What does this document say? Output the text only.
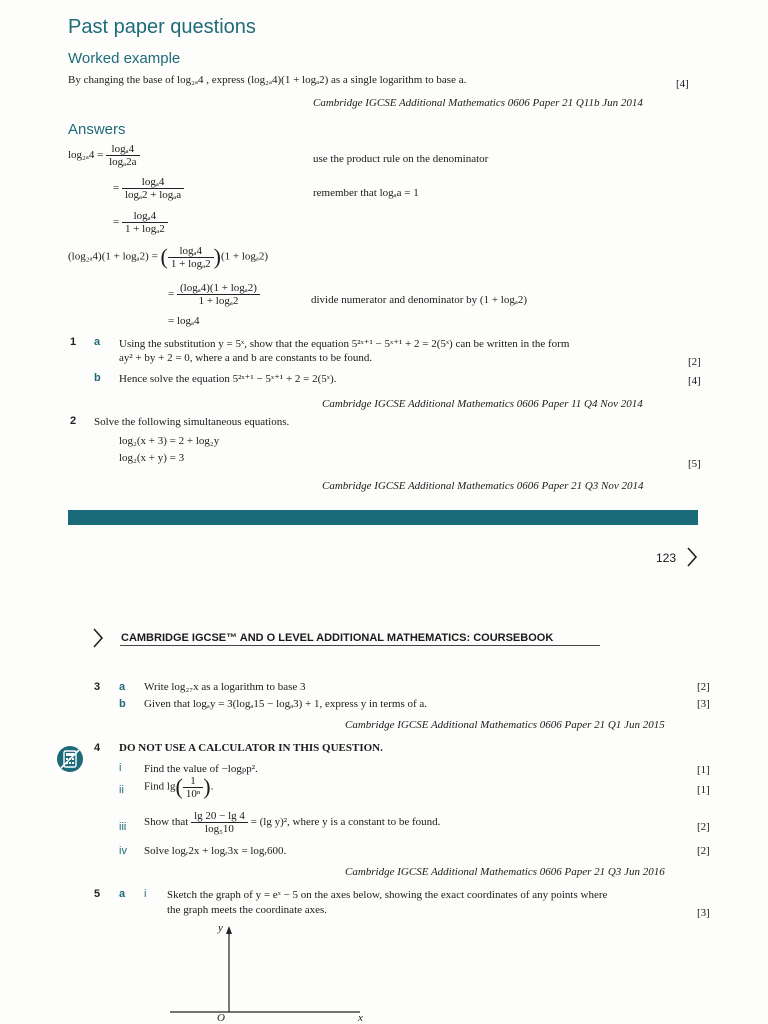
Past paper questions
Worked example
By changing the base of log₂ₐ4 , express (log₂ₐ4)(1 + logₐ2) as a single logarithm to base a.	[4]
Cambridge IGCSE Additional Mathematics 0606 Paper 21 Q11b Jun 2014
Answers
$\log_{2a}4 = \frac{\text{logₐ4}}{\text{logₐ2a}}$	use the product rule on the denominator
= $\frac{\text{logₐ4}}{\text{logₐ2 + logₐa}}$	remember that logₐa = 1
= $\frac{\text{logₐ4}}{\text{1 + logₐ2}}$
(log₂ₐ4)(1 + logₐ2) = ( $\frac{\text{logₐ4}}{\text{1 + logₐ2}} )(1 + \log_a2)$
= $\frac{\text{(logₐ4)(1 + logₐ2)}}{\text{1 + logₐ2}}$	divide numerator and denominator by (1 + logₐ2)
= logₐ4
1 a Using the substitution y = 5ˣ, show that the equation 5²ˣ⁺¹ − 5ˣ⁺¹ + 2 = 2(5ˣ) can be written in the form
ay² + by + 2 = 0, where a and b are constants to be found.	[2]
b Hence solve the equation 5²ˣ⁺¹ − 5ˣ⁺¹ + 2 = 2(5ˣ).	[4]
Cambridge IGCSE Additional Mathematics 0606 Paper 11 Q4 Nov 2014
2 Solve the following simultaneous equations.
log₂(x + 3) = 2 + log₂y
log₂(x + y) = 3	[5]
Cambridge IGCSE Additional Mathematics 0606 Paper 21 Q3 Nov 2014
123
CAMBRIDGE IGCSE™ AND O LEVEL ADDITIONAL MATHEMATICS: COURSEBOOK
3 a Write log₂₇x as a logarithm to base 3	[2]
b Given that logₐy = 3(logₐ15 − logₐ3) + 1, express y in terms of a.	[3]
Cambridge IGCSE Additional Mathematics 0606 Paper 21 Q1 Jun 2015
4 DO NOT USE A CALCULATOR IN THIS QUESTION.
i Find the value of −logₚp².	[1]
ii Find $\lg( \frac{1}{\text{10ⁿ}}$ ).	[1]
iii Show that $\frac{\lg 20 - \lg 4}{\text{log₅10}} = (\lg$ y)², where y is a constant to be found.	[2]
iv Solve logᵣ2x + logᵣ3x = logᵣ600.	[2]
Cambridge IGCSE Additional Mathematics 0606 Paper 21 Q3 Jun 2016
5 a i Sketch the graph of y = eˣ − 5 on the axes below, showing the exact coordinates of any points where
the graph meets the coordinate axes.	[3]
y
O	x
